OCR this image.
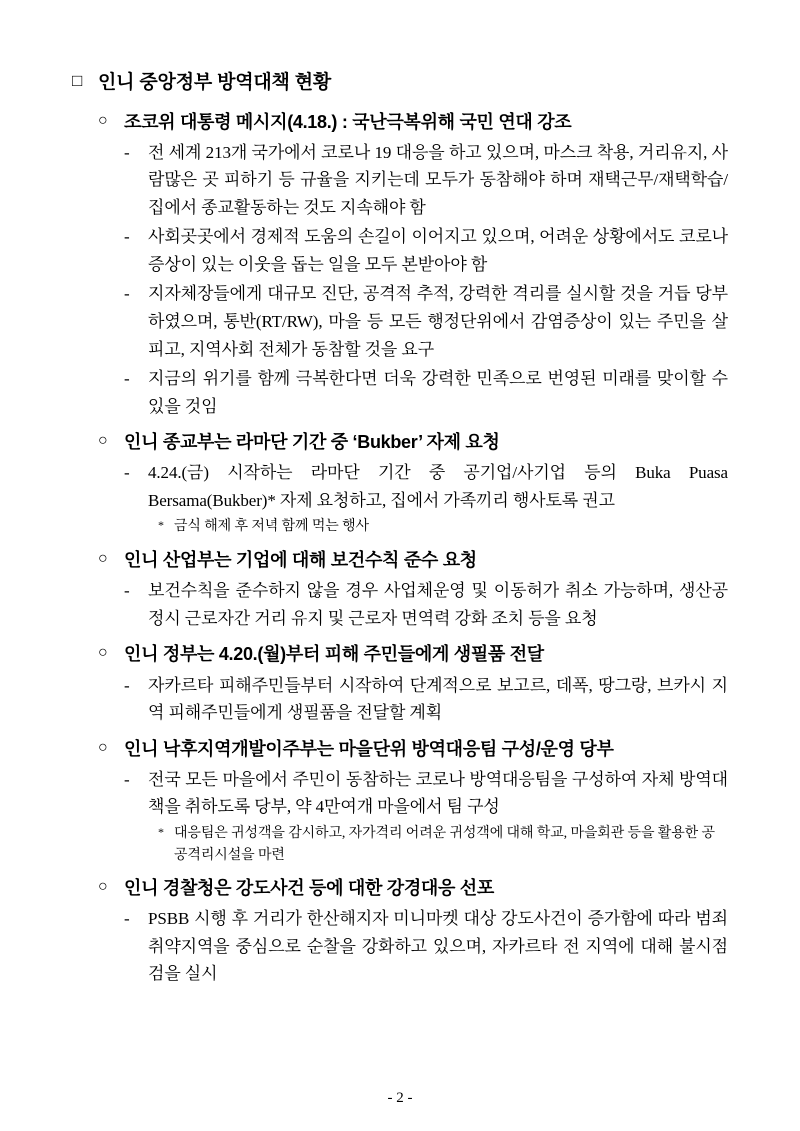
□ 인니 중앙정부 방역대책 현황
○ 조코위 대통령 메시지(4.18.) : 국난극복위해 국민 연대 강조
-	전 세계 213개 국가에서 코로나 19 대응을 하고 있으며, 마스크 착용, 거리유지, 사람많은 곳 피하기 등 규율을 지키는데 모두가 동참해야 하며 재택근무/재택학습/집에서 종교활동하는 것도 지속해야 함
-	사회곳곳에서 경제적 도움의 손길이 이어지고 있으며, 어려운 상황에서도 코로나 증상이 있는 이웃을 돕는 일을 모두 본받아야 함
-	지자체장들에게 대규모 진단, 공격적 추적, 강력한 격리를 실시할 것을 거듭 당부하였으며, 통반(RT/RW), 마을 등 모든 행정단위에서 감염증상이 있는 주민을 살피고, 지역사회 전체가 동참할 것을 요구
-	지금의 위기를 함께 극복한다면 더욱 강력한 민족으로 번영된 미래를 맞이할 수 있을 것임
○ 인니 종교부는 라마단 기간 중 ‘Bukber’ 자제 요청
-	4.24.(금) 시작하는 라마단 기간 중 공기업/사기업 등의 Buka Puasa Bersama(Bukber)* 자제 요청하고, 집에서 가족끼리 행사토록 권고
* 금식 해제 후 저녁 함께 먹는 행사
○ 인니 산업부는 기업에 대해 보건수칙 준수 요청
-	보건수칙을 준수하지 않을 경우 사업체운영 및 이동허가 취소 가능하며, 생산공정시 근로자간 거리 유지 및 근로자 면역력 강화 조치 등을 요청
○ 인니 정부는 4.20.(월)부터 피해 주민들에게 생필품 전달
-	자카르타 피해주민들부터 시작하여 단계적으로 보고르, 데폭, 땅그랑, 브카시 지역 피해주민들에게 생필품을 전달할 계획
○ 인니 낙후지역개발이주부는 마을단위 방역대응팀 구성/운영 당부
-	전국 모든 마을에서 주민이 동참하는 코로나 방역대응팀을 구성하여 자체 방역대책을 취하도록 당부, 약 4만여개 마을에서 팀 구성
* 대응팀은 귀성객을 감시하고, 자가격리 어려운 귀성객에 대해 학교, 마을회관 등을 활용한 공공격리시설을 마련
○ 인니 경찰청은 강도사건 등에 대한 강경대응 선포
-	PSBB 시행 후 거리가 한산해지자 미니마켓 대상 강도사건이 증가함에 따라 범죄취약지역을 중심으로 순찰을 강화하고 있으며, 자카르타 전 지역에 대해 불시점검을 실시
- 2 -
